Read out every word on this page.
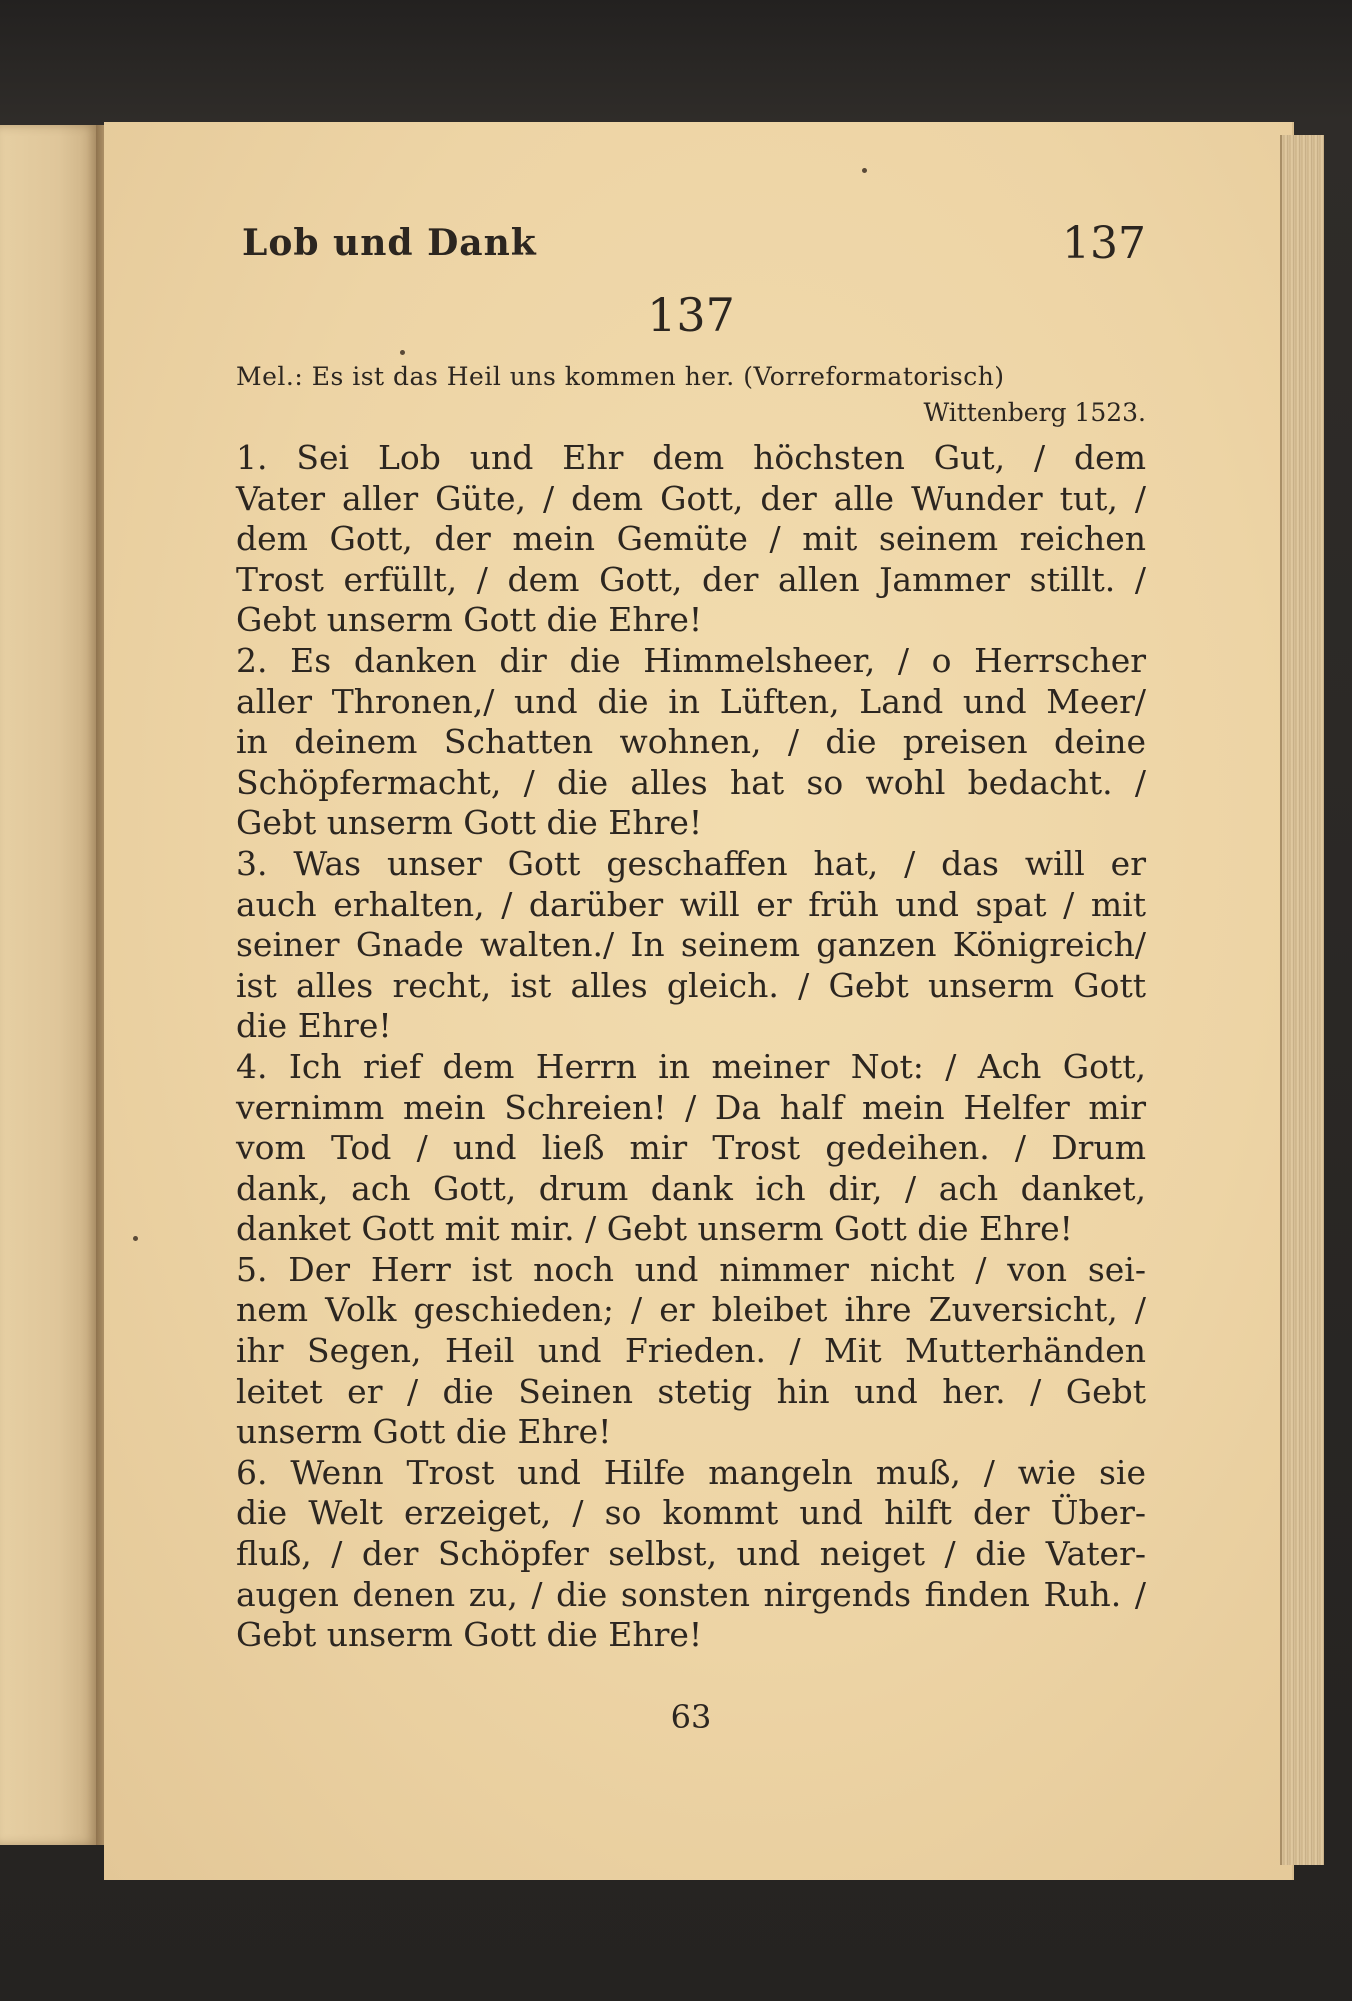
Lob und Dank	137
137
Mel.: Es ist das Heil uns kommen her. (Vorreformatorisch)
Wittenberg 1523.
1. Sei Lob und Ehr dem höchsten Gut, / dem
Vater aller Güte, / dem Gott, der alle Wunder tut, /
dem Gott, der mein Gemüte / mit seinem reichen
Trost erfüllt, / dem Gott, der allen Jammer stillt. /
Gebt unserm Gott die Ehre!
2. Es danken dir die Himmelsheer, / o Herrscher
aller Thronen,/ und die in Lüften, Land und Meer/
in deinem Schatten wohnen, / die preisen deine
Schöpfermacht, / die alles hat so wohl bedacht. /
Gebt unserm Gott die Ehre!
3. Was unser Gott geschaffen hat, / das will er
auch erhalten, / darüber will er früh und spat / mit
seiner Gnade walten./ In seinem ganzen Königreich/
ist alles recht, ist alles gleich. / Gebt unserm Gott
die Ehre!
4. Ich rief dem Herrn in meiner Not: / Ach Gott,
vernimm mein Schreien! / Da half mein Helfer mir
vom Tod / und ließ mir Trost gedeihen. / Drum
dank, ach Gott, drum dank ich dir, / ach danket,
danket Gott mit mir. / Gebt unserm Gott die Ehre!
5. Der Herr ist noch und nimmer nicht / von sei-
nem Volk geschieden; / er bleibet ihre Zuversicht, /
ihr Segen, Heil und Frieden. / Mit Mutterhänden
leitet er / die Seinen stetig hin und her. / Gebt
unserm Gott die Ehre!
6. Wenn Trost und Hilfe mangeln muß, / wie sie
die Welt erzeiget, / so kommt und hilft der Über-
fluß, / der Schöpfer selbst, und neiget / die Vater-
augen denen zu, / die sonsten nirgends finden Ruh. /
Gebt unserm Gott die Ehre!
63
